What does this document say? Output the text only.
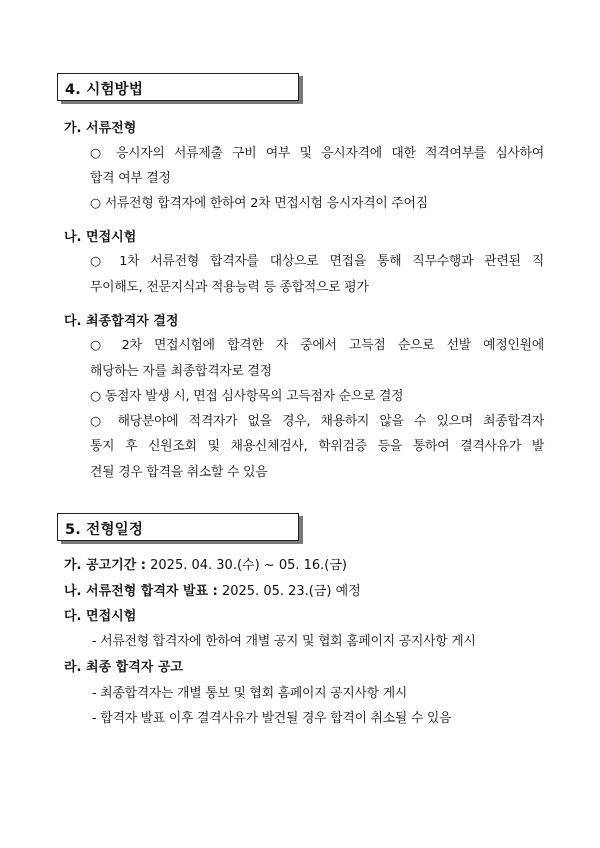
4. 시험방법
가. 서류전형
○ 응시자의 서류제출 구비 여부 및 응시자격에 대한 적격여부를 심사하여
합격 여부 결정
○ 서류전형 합격자에 한하여 2차 면접시험 응시자격이 주어짐
나. 면접시험
○ 1차 서류전형 합격자를 대상으로 면접을 통해 직무수행과 관련된 직
무이해도, 전문지식과 적용능력 등 종합적으로 평가
다. 최종합격자 결정
○ 2차 면접시험에 합격한 자 중에서 고득점 순으로 선발 예정인원에
해당하는 자를 최종합격자로 결정
○ 동점자 발생 시, 면접 심사항목의 고득점자 순으로 결정
○ 해당분야에 적격자가 없을 경우, 채용하지 않을 수 있으며 최종합격자
통지 후 신원조회 및 채용신체검사, 학위검증 등을 통하여 결격사유가 발
견될 경우 합격을 취소할 수 있음
5. 전형일정
가. 공고기간 : 2025. 04. 30.(수) ~ 05. 16.(금)
나. 서류전형 합격자 발표 : 2025. 05. 23.(금) 예정
다. 면접시험
- 서류전형 합격자에 한하여 개별 공지 및 협회 홈페이지 공지사항 게시
라. 최종 합격자 공고
- 최종합격자는 개별 통보 및 협회 홈페이지 공지사항 게시
- 합격자 발표 이후 결격사유가 발견될 경우 합격이 취소될 수 있음
